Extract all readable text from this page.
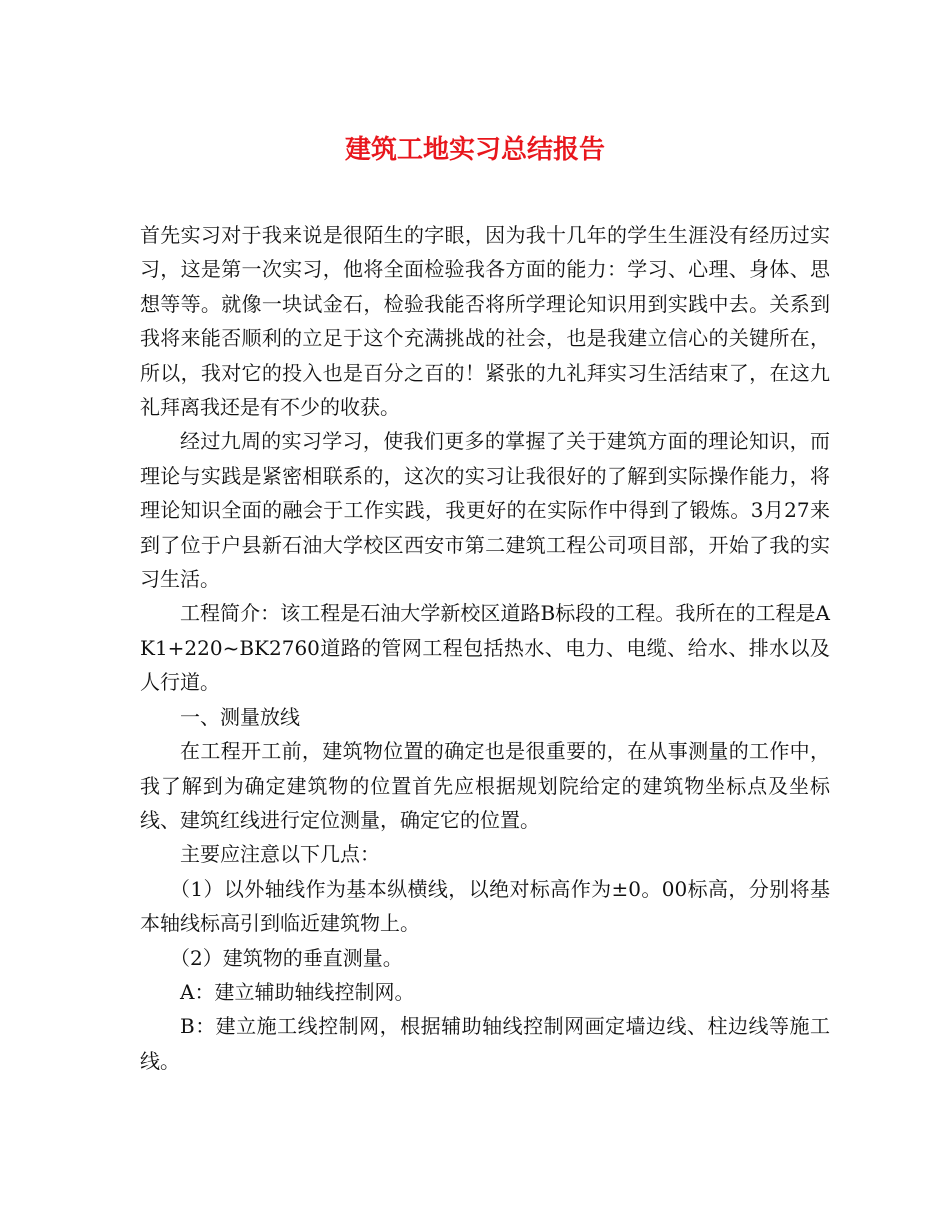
建筑工地实习总结报告

首先实习对于我来说是很陌生的字眼，因为我十几年的学生生涯没有经历过实习，这是第一次实习，他将全面检验我各方面的能力：学习、心理、身体、思想等等。就像一块试金石，检验我能否将所学理论知识用到实践中去。关系到我将来能否顺利的立足于这个充满挑战的社会，也是我建立信心的关键所在，所以，我对它的投入也是百分之百的！紧张的九礼拜实习生活结束了，在这九礼拜离我还是有不少的收获。

经过九周的实习学习，使我们更多的掌握了关于建筑方面的理论知识，而理论与实践是紧密相联系的，这次的实习让我很好的了解到实际操作能力，将理论知识全面的融会于工作实践，我更好的在实际作中得到了锻炼。3月27来到了位于户县新石油大学校区西安市第二建筑工程公司项目部，开始了我的实习生活。

工程简介：该工程是石油大学新校区道路B标段的工程。我所在的工程是AK1+220~BK2760道路的管网工程包括热水、电力、电缆、给水、排水以及人行道。

一、测量放线

在工程开工前，建筑物位置的确定也是很重要的，在从事测量的工作中，我了解到为确定建筑物的位置首先应根据规划院给定的建筑物坐标点及坐标线、建筑红线进行定位测量，确定它的位置。

主要应注意以下几点：

（1）以外轴线作为基本纵横线，以绝对标高作为±0。00标高，分别将基本轴线标高引到临近建筑物上。

（2）建筑物的垂直测量。

A：建立辅助轴线控制网。

B：建立施工线控制网，根据辅助轴线控制网画定墙边线、柱边线等施工线。
